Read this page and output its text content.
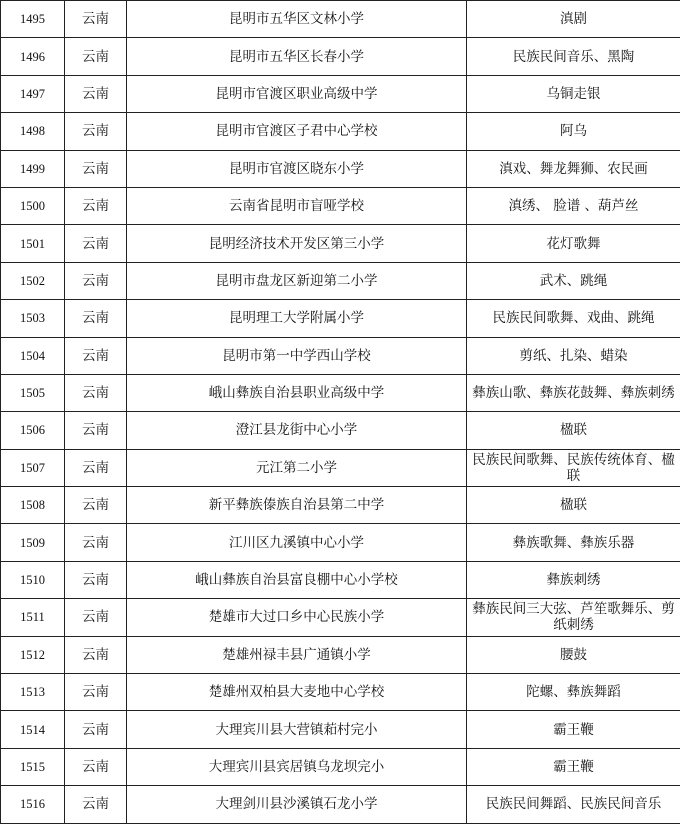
1495	云南	昆明市五华区文林小学	滇剧
1496	云南	昆明市五华区长春小学	民族民间音乐、黑陶
1497	云南	昆明市官渡区职业高级中学	乌铜走银
1498	云南	昆明市官渡区子君中心学校	阿乌
1499	云南	昆明市官渡区晓东小学	滇戏、舞龙舞狮、农民画
1500	云南	云南省昆明市盲哑学校	滇绣、 脸谱 、葫芦丝
1501	云南	昆明经济技术开发区第三小学	花灯歌舞
1502	云南	昆明市盘龙区新迎第二小学	武术、跳绳
1503	云南	昆明理工大学附属小学	民族民间歌舞、戏曲、跳绳
1504	云南	昆明市第一中学西山学校	剪纸、扎染、蜡染
1505	云南	峨山彝族自治县职业高级中学	彝族山歌、彝族花鼓舞、彝族刺绣
1506	云南	澄江县龙街中心小学	楹联
1507	云南	元江第二小学	民族民间歌舞、民族传统体育、楹联
1508	云南	新平彝族傣族自治县第二中学	楹联
1509	云南	江川区九溪镇中心小学	彝族歌舞、彝族乐器
1510	云南	峨山彝族自治县富良棚中心小学校	彝族刺绣
1511	云南	楚雄市大过口乡中心民族小学	彝族民间三大弦、芦笙歌舞乐、剪纸刺绣
1512	云南	楚雄州禄丰县广通镇小学	腰鼓
1513	云南	楚雄州双柏县大麦地中心学校	陀螺、彝族舞蹈
1514	云南	大理宾川县大营镇萂村完小	霸王鞭
1515	云南	大理宾川县宾居镇乌龙坝完小	霸王鞭
1516	云南	大理剑川县沙溪镇石龙小学	民族民间舞蹈、民族民间音乐
